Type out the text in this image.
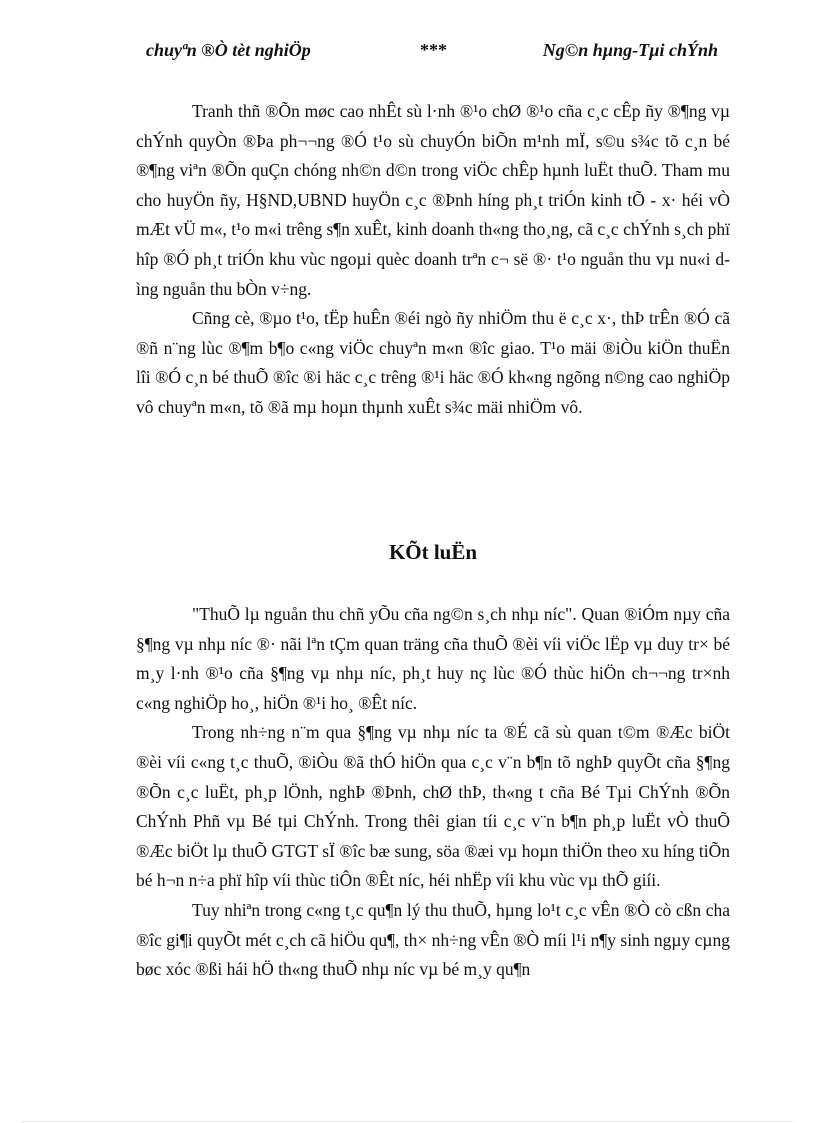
chuyªn ®Ò tèt nghiÖp	***	Ng©n hµng-Tµi chÝnh

Tranh thñ ®Õn møc cao nhÊt sù l·nh ®¹o chØ ®¹o cña c¸c cÊp ñy ®¶ng vµ chÝnh quyÒn ®Þa ph¬¬ng ®Ó t¹o sù chuyÓn biÕn m¹nh mÏ, s©u s¾c tõ c¸n bé ®¶ng viªn ®Õn quÇn chóng nh©n d©n trong viÖc chÊp hµnh luËt thuÕ. Tham mu cho huyÖn ñy, H§ND,UBND huyÖn c¸c ®Þnh híng ph¸t triÓn kinh tÕ - x· héi vÒ mÆt vÜ m«, t¹o m«i trêng s¶n xuÊt, kinh doanh th«ng tho¸ng, cã c¸c chÝnh s¸ch phï hîp ®Ó ph¸t triÓn khu vùc ngoµi quèc doanh trªn c¬ së ®· t¹o nguån thu vµ nu«i dìng nguån thu bÒn v÷ng.

Cñng cè, ®µo t¹o, tËp huÊn ®éi ngò ñy nhiÖm thu ë c¸c x·, thÞ trÊn ®Ó cã ®ñ n¨ng lùc ®¶m b¶o c«ng viÖc chuyªn m«n ®îc giao. T¹o mäi ®iÒu kiÖn thuËn lîi ®Ó c¸n bé thuÕ ®îc ®i häc c¸c trêng ®¹i häc ®Ó kh«ng ngõng n©ng cao nghiÖp vô chuyªn m«n, tõ ®ã mµ hoµn thµnh xuÊt s¾c mäi nhiÖm vô.

KÕt luËn

"ThuÕ lµ nguån thu chñ yÕu cña ng©n s¸ch nhµ níc". Quan ®iÓm nµy cña §¶ng vµ nhµ níc ®· nãi lªn tÇm quan träng cña thuÕ ®èi víi viÖc lËp vµ duy tr× bé m¸y l·nh ®¹o cña §¶ng vµ nhµ níc, ph¸t huy nç lùc ®Ó thùc hiÖn ch¬¬ng tr×nh c«ng nghiÖp ho¸, hiÖn ®¹i ho¸ ®Êt níc.

Trong nh÷ng n¨m qua §¶ng vµ nhµ níc ta ®É cã sù quan t©m ®Æc biÖt ®èi víi c«ng t¸c thuÕ, ®iÒu ®ã thÓ hiÖn qua c¸c v¨n b¶n tõ nghÞ quyÕt cña §¶ng ®Õn c¸c luËt, ph¸p lÖnh, nghÞ ®Þnh, chØ thÞ, th«ng t cña Bé Tµi ChÝnh ®Õn ChÝnh Phñ vµ Bé tµi ChÝnh. Trong thêi gian tíi c¸c v¨n b¶n ph¸p luËt vÒ thuÕ ®Æc biÖt lµ thuÕ GTGT sÏ ®îc bæ sung, söa ®æi vµ hoµn thiÖn theo xu híng tiÕn bé h¬n n÷a phï hîp víi thùc tiÔn ®Êt níc, héi nhËp víi khu vùc vµ thÕ giíi.

Tuy nhiªn trong c«ng t¸c qu¶n lý thu thuÕ, hµng lo¹t c¸c vÊn ®Ò cò cßn cha ®îc gi¶i quyÕt mét c¸ch cã hiÖu qu¶, th× nh÷ng vÊn ®Ò míi l¹i n¶y sinh ngµy cµng bøc xóc ®ßi hái hÖ th«ng thuÕ nhµ níc vµ bé m¸y qu¶n
